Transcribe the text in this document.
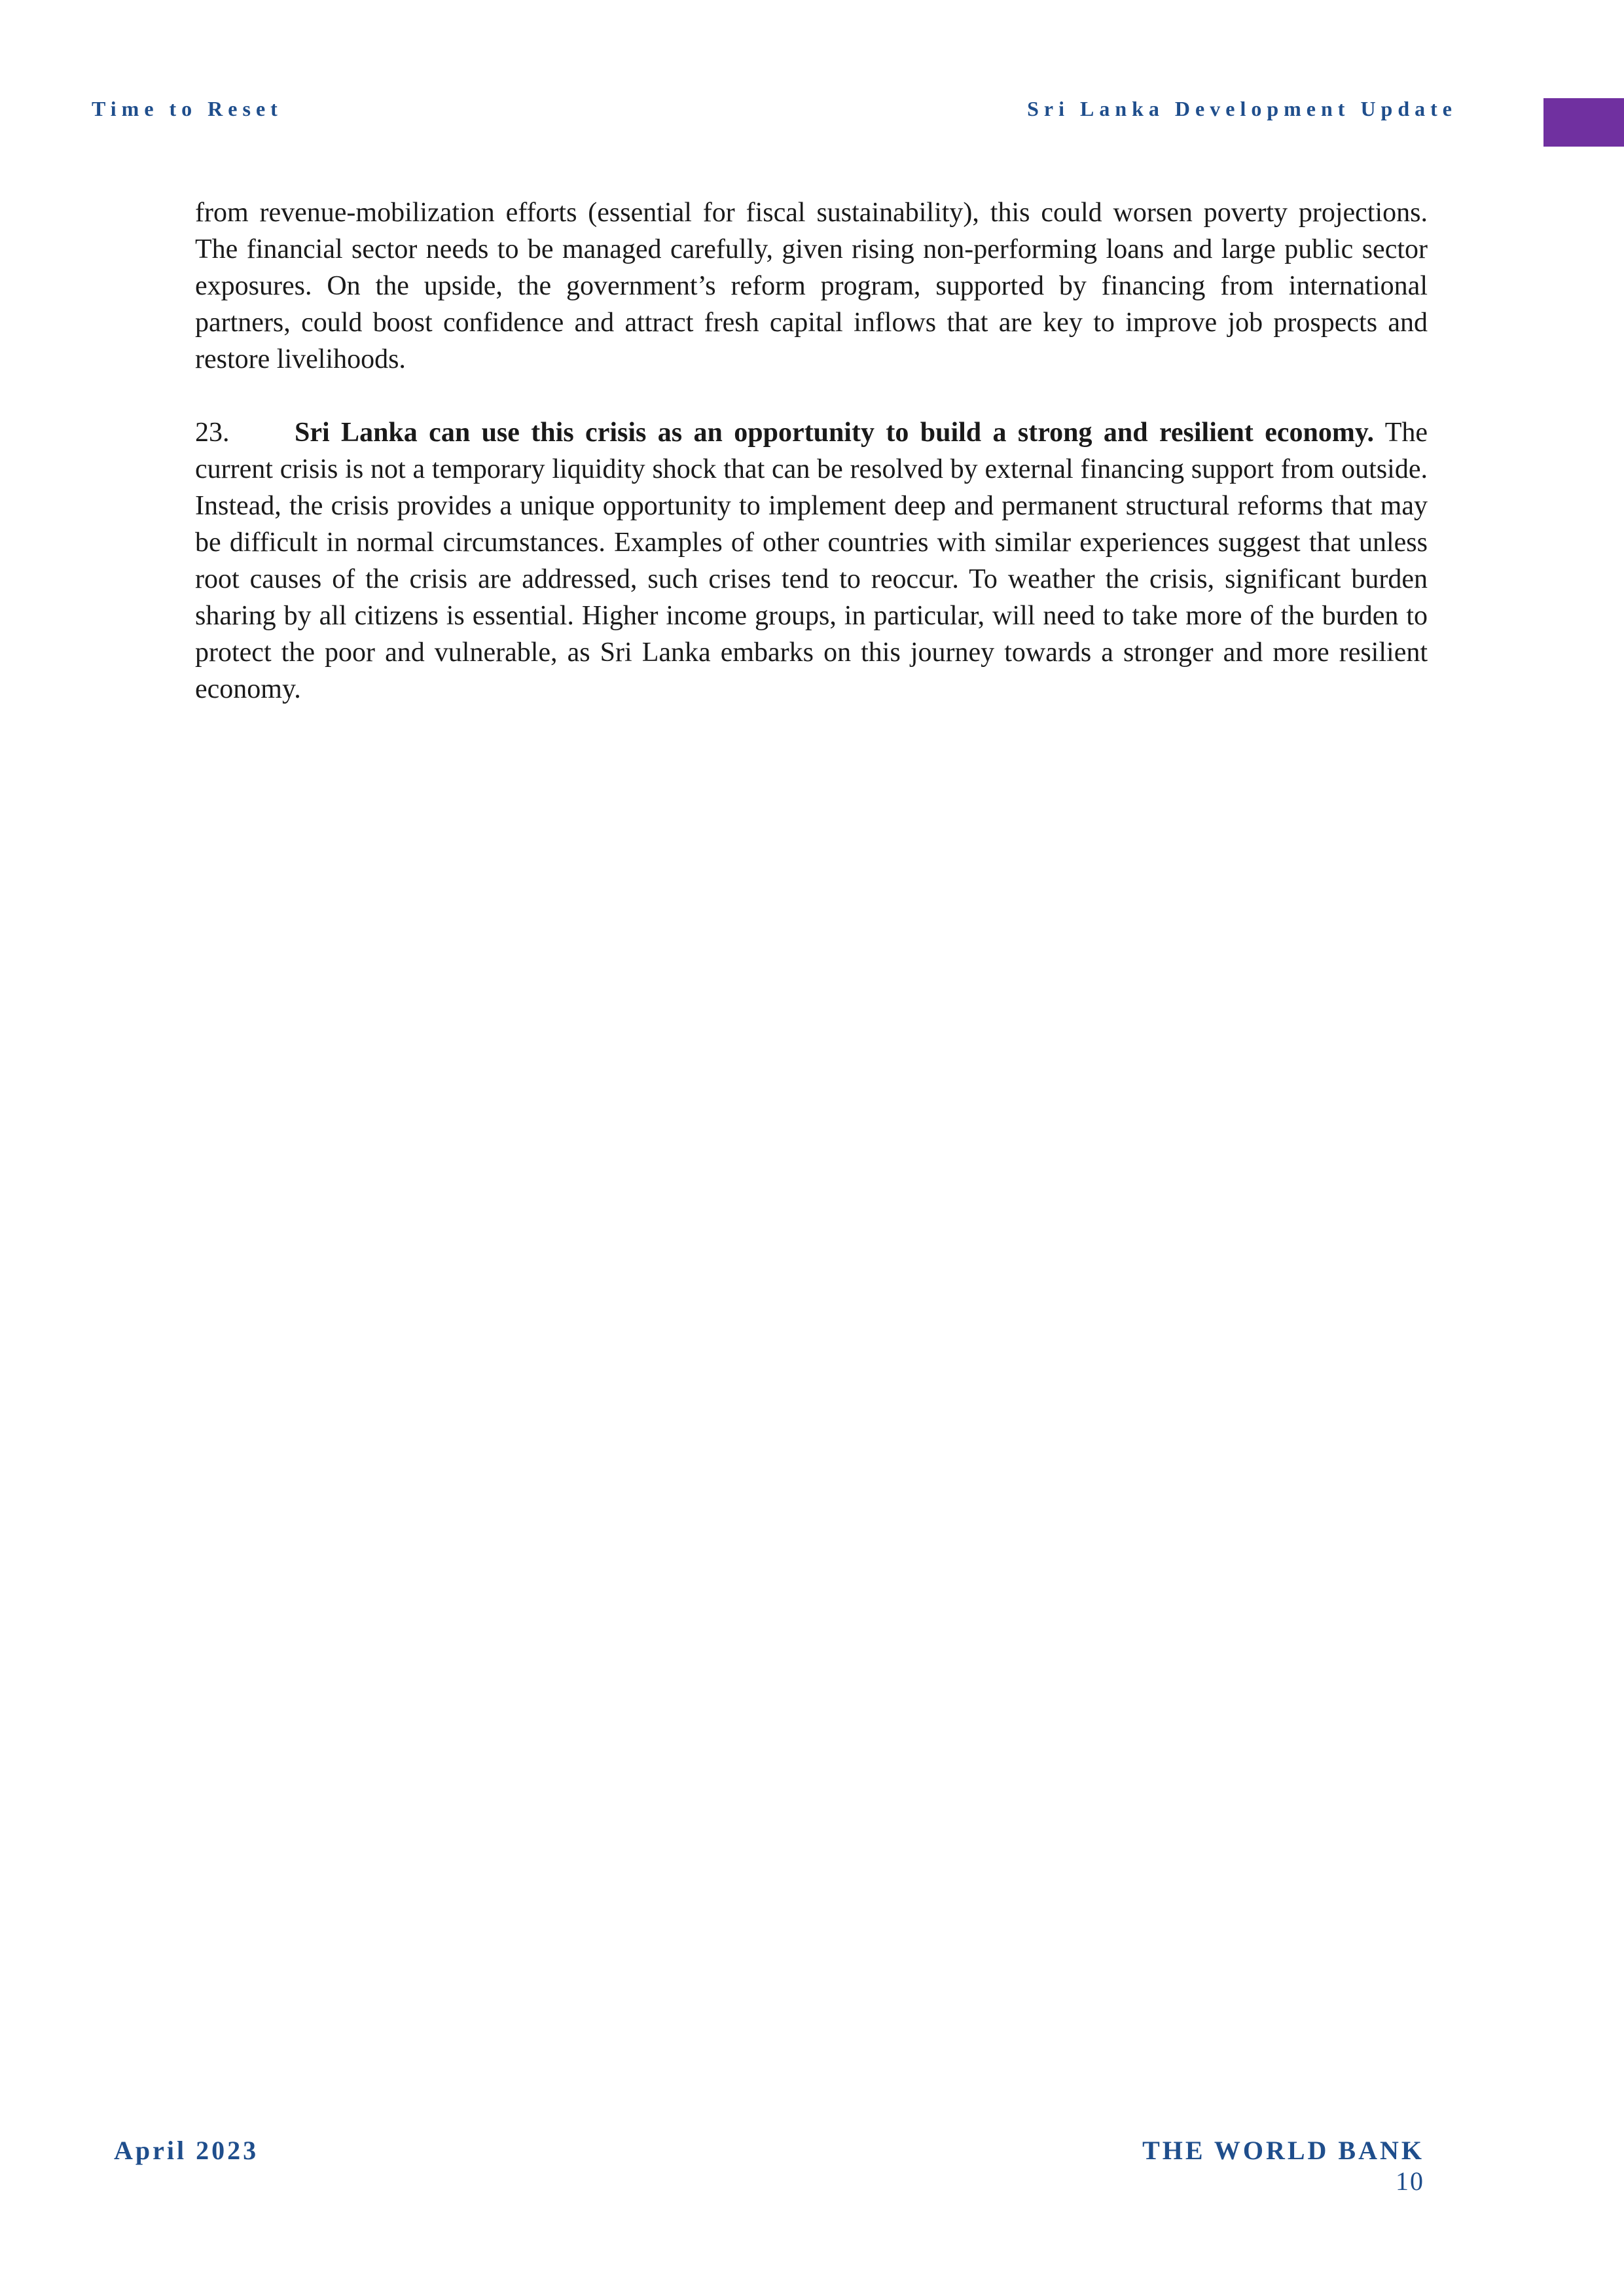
Time to Reset	Sri Lanka Development Update
from revenue-mobilization efforts (essential for fiscal sustainability), this could worsen poverty projections. The financial sector needs to be managed carefully, given rising non-performing loans and large public sector exposures. On the upside, the government’s reform program, supported by financing from international partners, could boost confidence and attract fresh capital inflows that are key to improve job prospects and restore livelihoods.
23. Sri Lanka can use this crisis as an opportunity to build a strong and resilient economy. The current crisis is not a temporary liquidity shock that can be resolved by external financing support from outside. Instead, the crisis provides a unique opportunity to implement deep and permanent structural reforms that may be difficult in normal circumstances. Examples of other countries with similar experiences suggest that unless root causes of the crisis are addressed, such crises tend to reoccur. To weather the crisis, significant burden sharing by all citizens is essential. Higher income groups, in particular, will need to take more of the burden to protect the poor and vulnerable, as Sri Lanka embarks on this journey towards a stronger and more resilient economy.
April 2023	THE WORLD BANK
10
